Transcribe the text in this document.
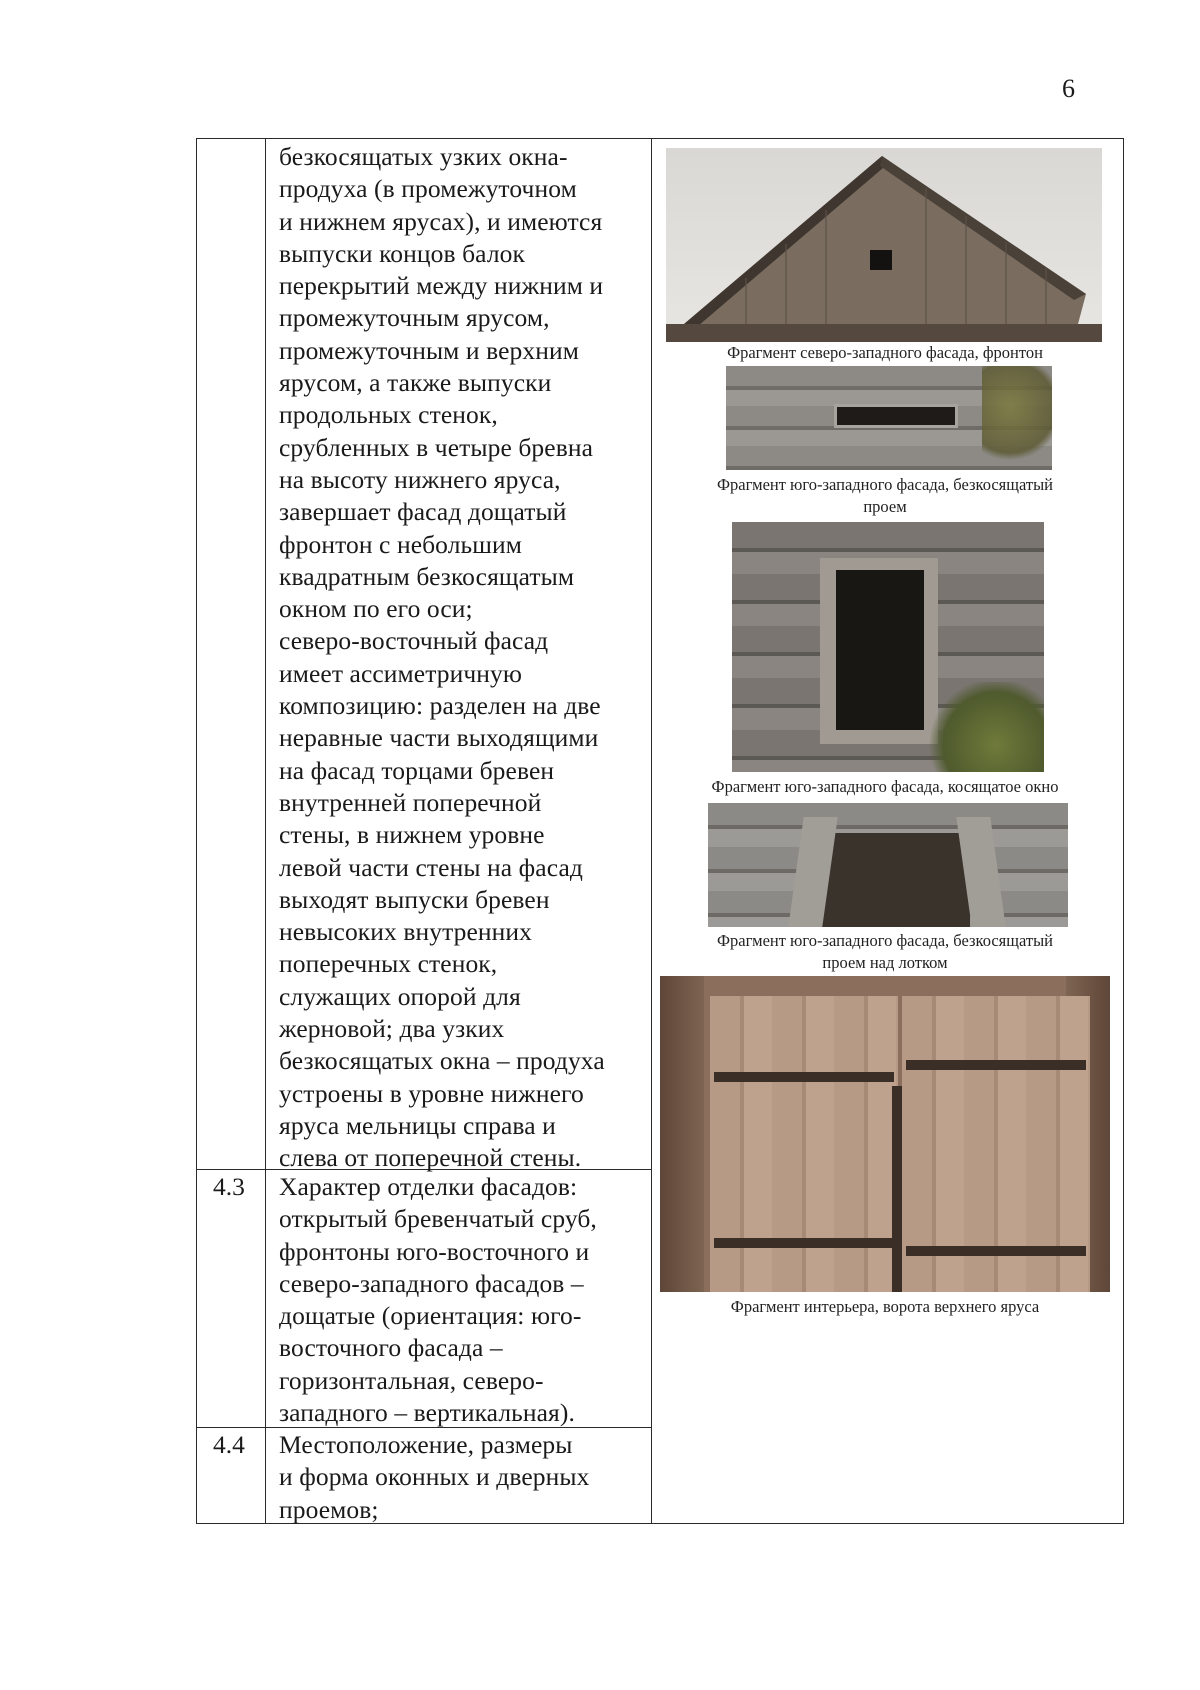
6
безкосящатых узких окна-
продуха (в промежуточном
и нижнем ярусах), и имеются
выпуски концов балок
перекрытий между нижним и
промежуточным ярусом,
промежуточным и верхним
ярусом, а также выпуски
продольных стенок,
срубленных в четыре бревна
на высоту нижнего яруса,
завершает фасад дощатый
фронтон с небольшим
квадратным безкосящатым
окном по его оси;
северо-восточный фасад
имеет ассиметричную
композицию: разделен на две
неравные части выходящими
на фасад торцами бревен
внутренней поперечной
стены, в нижнем уровне
левой части стены на фасад
выходят выпуски бревен
невысоких внутренних
поперечных стенок,
служащих опорой для
жерновой; два узких
безкосящатых окна – продуха
устроены в уровне нижнего
яруса мельницы справа и
слева от поперечной стены.
4.3 Характер отделки фасадов:
открытый бревенчатый сруб,
фронтоны юго-восточного и
северо-западного фасадов –
дощатые (ориентация: юго-
восточного фасада –
горизонтальная, северо-
западного – вертикальная).
4.4 Местоположение, размеры
и форма оконных и дверных
проемов;
Фрагмент северо-западного фасада, фронтон
Фрагмент юго-западного фасада, безкосящатый
проем
Фрагмент юго-западного фасада, косящатое окно
Фрагмент юго-западного фасада, безкосящатый
проем над лотком
Фрагмент интерьера, ворота верхнего яруса
